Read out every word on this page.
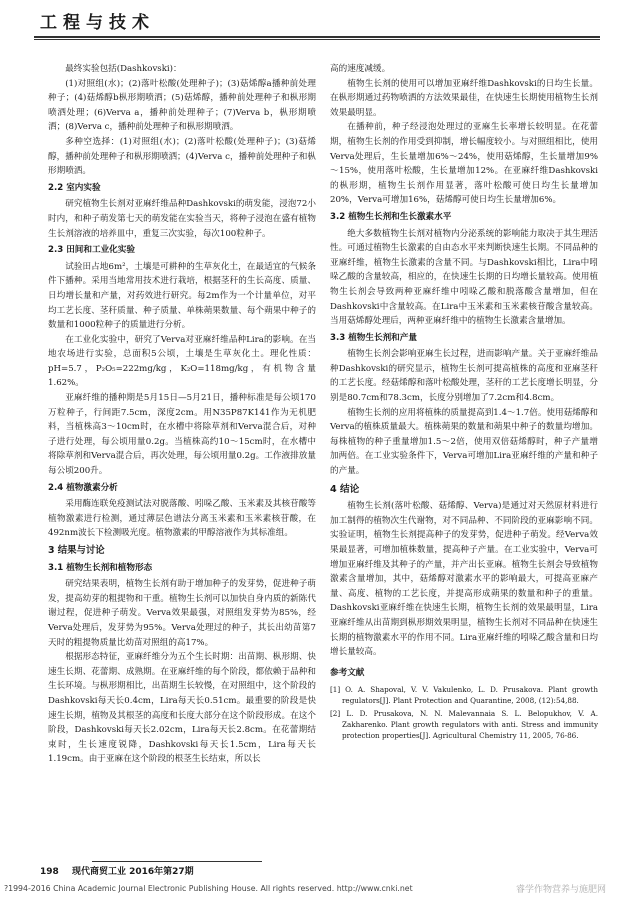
工程与技术

最终实验包括(Dashkovski)：

(1)对照组(水)；(2)落叶松酸(处理种子)；(3)菇烯醇a播种前处理种子；(4)菇烯醇b枞形期喷洒；(5)菇烯醇，播种前处理种子和枞形期喷洒处理；(6)Verva a，播种前处理种子；(7)Verva b，枞形期喷洒；(8)Verva c，播种前处理种子和枞形期喷洒。

多种空选择：(1)对照组(水)；(2)落叶松酸(处理种子)；(3)菇烯醇，播种前处理种子和枞形期喷洒；(4)Verva c，播种前处理种子和枞形期喷洒。

2.2 室内实验

研究植物生长剂对亚麻纤维品种Dashkovski的萌发能，浸泡72小时内，和种子萌发第七天的萌发能在实验当天，将种子浸泡在盛有植物生长剂溶液的培养皿中，重复三次实验，每次100粒种子。

2.3 田间和工业化实验

试验田占地6m²，土壤是可耕种的生草灰化土，在最适宜的气候条件下播种。采用当地常用技术进行栽培，根据茎秆的生长高度、质量、日均增长量和产量，对药效进行研究。每2m作为一个计量单位，对平均工艺长度、茎秆质量、种子质量、单株蒴果数量、每个蒴果中种子的数量和1000粒种子的质量进行分析。

在工业化实验中，研究了Verva对亚麻纤维品种Lira的影响。在当地农场进行实验，总面积5公顷，土壤是生草灰化土。理化性质：pH=5.7，P₂O₅=222mg/kg，K₂O=118mg/kg，有机物含量1.62%。

亚麻纤维的播种期是5月15日—5月21日，播种标准是每公顷170万粒种子，行间距7.5cm，深度2cm。用N35P87K141作为无机肥料，当植株高3～10cm时，在水槽中将除草剂和Verva混合后，对种子进行处理，每公顷用量0.2g。当植株高约10～15cm时，在水槽中将除草剂和Verva混合后，再次处理，每公顷用量0.2g。工作液排放量每公顷200升。

2.4 植物激素分析

采用酶连联免疫测试法对脱落酸、吲哚乙酸、玉米素及其核苷酸等植物激素进行检测，通过薄层色谱法分离玉米素和玉米素核苷酸，在492nm波长下检测吸光度。植物激素的甲醇溶液作为其标准组。

3 结果与讨论
3.1 植物生长剂和植物形态

研究结果表明，植物生长剂有助于增加种子的发芽势，促进种子萌发，提高幼芽的粗提物和干重。植物生长剂可以加快自身内质的新陈代谢过程，促进种子萌发。Verva效果最强，对照组发芽势为85%，经Verva处理后，发芽势为95%。Verva处理过的种子，其长出幼苗第7天时的粗提物质量比幼苗对照组的高17%。

根据形态特征，亚麻纤维分为五个生长时期：出苗期、枞形期、快速生长期、花蕾期、成熟期。在亚麻纤维的每个阶段，都依赖于品种和生长环境。与枞形期相比，出苗期生长较慢，在对照组中，这个阶段的Dashkovski每天长0.4cm，Lira每天长0.51cm。最重要的阶段是快速生长期，植物及其根茎的高度和长度大部分在这个阶段形成。在这个阶段，Dashkovski每天长2.02cm，Lira每天长2.8cm。在花蕾期结束时，生长速度锐降，Dashkovski每天长1.5cm，Lira每天长1.19cm。由于亚麻在这个阶段的根茎生长结束，所以长

高的速度减缓。

植物生长剂的使用可以增加亚麻纤维Dashkovski的日均生长量。在枞形期通过药物喷洒的方法效果最佳，在快速生长期使用植物生长剂效果最明显。

在播种前，种子经浸泡处理过的亚麻生长率增长较明显。在花蕾期，植物生长剂的作用受到抑制，增长幅度较小。与对照组相比，使用Verva处理后，生长量增加6%～24%，使用菇烯醇，生长量增加9%～15%，使用落叶松酸，生长量增加12%。在亚麻纤维Dashkovski的枞形期，植物生长剂作用显著，落叶松酸可使日均生长量增加20%，Verva可增加16%，菇烯醇可使日均生长量增加6%。

3.2 植物生长剂和生长激素水平

绝大多数植物生长剂对植物内分泌系统的影响能力取决于其生理活性。可通过植物生长激素的自由态水平来判断快速生长期。不同品种的亚麻纤维，植物生长激素的含量不同。与Dashkovski相比，Lira中吲哚乙酸的含量较高，相应的，在快速生长期的日均增长量较高。使用植物生长剂会导致两种亚麻纤维中吲哚乙酸和脱落酸含量增加，但在Dashkovski中含量较高。在Lira中玉米素和玉米素核苷酸含量较高。当用菇烯醇处理后，两种亚麻纤维中的植物生长激素含量增加。

3.3 植物生长剂和产量

植物生长剂会影响亚麻生长过程，进而影响产量。关于亚麻纤维品种Dashkovski的研究显示，植物生长剂可提高植株的高度和亚麻茎秆的工艺长度。经菇烯醇和落叶松酸处理，茎秆的工艺长度增长明显，分别是80.7cm和78.3cm，长度分别增加了7.2cm和4.8cm。

植物生长剂的应用将植株的质量提高到1.4～1.7倍。使用菇烯醇和Verva的植株质量最大。植株蒴果的数量和蒴果中种子的数量均增加。每株植物的种子重量增加1.5～2倍，使用双倍菇烯醇时，种子产量增加两倍。在工业实验条件下，Verva可增加Lira亚麻纤维的产量和种子的产量。

4 结论

植物生长剂(落叶松酸、菇烯醇、Verva)是通过对天然原材料进行加工制得的植物次生代谢物，对不同品种、不同阶段的亚麻影响不同。实验证明，植物生长剂提高种子的发芽势，促进种子萌发。经Verva效果最显著，可增加植株数量，提高种子产量。在工业实验中，Verva可增加亚麻纤维及其种子的产量，并产出长亚麻。植物生长剂会导致植物激素含量增加，其中，菇烯醇对激素水平的影响最大，可提高亚麻产量、高度、植物的工艺长度，并提高形成蒴果的数量和种子的重量。Dashkovski亚麻纤维在快速生长期，植物生长剂的效果最明显，Lira亚麻纤维从出苗期到枞形期效果明显，植物生长剂对不同品种在快速生长期的植物激素水平的作用不同。Lira亚麻纤维的吲哚乙酸含量和日均增长量较高。

参考文献
[1] O. A. Shapoval, V. V. Vakulenko, L. D. Prusakova. Plant growth regulators[J]. Plant Protection and Quarantine, 2008, (12):54,88.
[2] L. D. Prusakova, N. N. Malevannaia S. L. Belopukhov, V. A. Zakharenko. Plant growth regulators with anti. Stress and immunity protection properties[J]. Agricultural Chemistry 11, 2005, 76-86.
198 现代商贸工业 2016年第27期
?1994-2016 China Academic Journal Electronic Publishing House. All rights reserved. http://www.cnki.net	睿学作物营养与施肥网
